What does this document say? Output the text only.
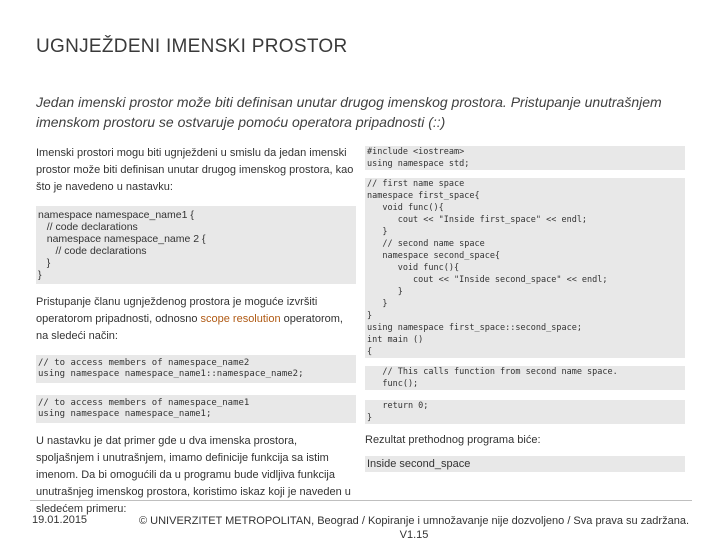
UGNJEŽDENI IMENSKI PROSTOR
Jedan imenski prostor može biti definisan unutar drugog imenskog prostora. Pristupanje unutrašnjem imenskom prostoru se ostvaruje pomoću operatora pripadnosti (::)

Imenski prostori mogu biti ugnježdeni u smislu da jedan imenski prostor može biti definisan unutar drugog imenskog prostora, kao što je navedeno u nastavku:

namespace namespace_name1 {
// code declarations
namespace namespace_name 2 {
// code declarations
}
}

Pristupanje članu ugnježdenog prostora je moguće izvršiti operatorom pripadnosti, odnosno scope resolution operatorom, na sledeći način:

// to access members of namespace_name2
using namespace namespace_name1::namespace_name2;
// to access members of namespace_name1
using namespace namespace_name1;

U nastavku je dat primer gde u dva imenska prostora, spoljašnjem i unutrašnjem, imamo definicije funkcija sa istim imenom. Da bi omogućili da u programu bude vidljiva funkcija unutrašnjeg imenskog prostora, koristimo iskaz koji je naveden u sledećem primeru:

#include <iostream>
using namespace std;
// first name space
namespace first_space{
void func(){
cout << "Inside first_space" << endl;
}
// second name space
namespace second_space{
void func(){
cout << "Inside second_space" << endl;
}
}
}
using namespace first_space::second_space;
int main ()
{
// This calls function from second name space.
func();
return 0;
}

Rezultat prethodnog programa biće:

Inside second_space
19.01.2015	© UNIVERZITET METROPOLITAN, Beograd / Kopiranje i umnožavanje nije dozvoljeno / Sva prava su zadržana.
V1.15
